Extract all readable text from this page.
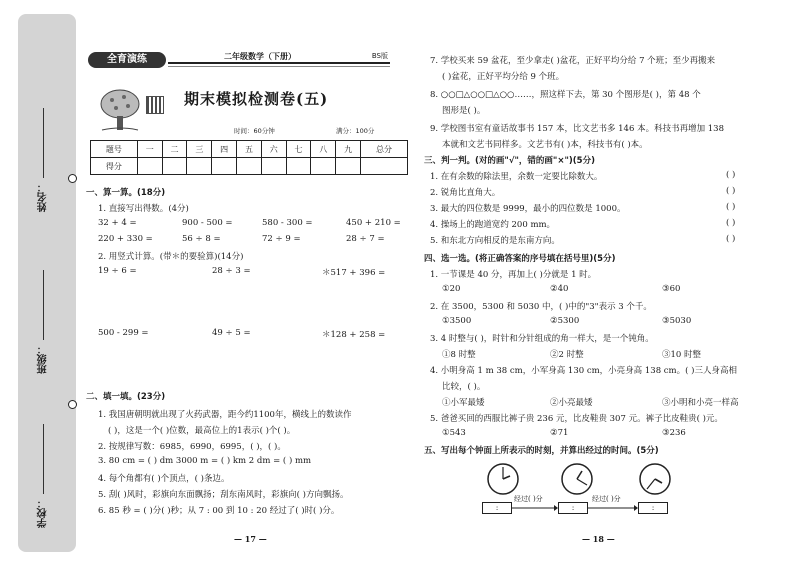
姓名：
班级：
学校：
全育演练	二年级数学（下册）	BS版
期末模拟检测卷(五)
时间：60分钟	满分：100分
题号	一	二	三	四	五	六	七	八	九	总分
得分										
一、算一算。(18分)
1. 直接写出得数。(4分)
32 + 4 =	900 - 500 =	580 - 300 =	450 + 210 =
220 + 330 =	56 ÷ 8 =	72 ÷ 9 =	28 ÷ 7 =
2. 用竖式计算。(带＊的要验算)(14分)
19 ÷ 6 =	28 ÷ 3 =	＊517 + 396 =
500 - 299 =	49 ÷ 5 =	＊128 + 258 =
二、填一填。(23分)
1. 我国唐朝明就出现了火药武器，距今约1100年，横线上的数读作
( )，这是一个( )位数，最高位上的1表示( )个( )。
2. 按规律写数：6985，6990，6995，( )，( )。
3. 80 cm = ( ) dm 3000 m = ( ) km 2 dm = ( ) mm
4. 每个角都有( )个顶点，( )条边。
5. 刮( )风时，彩旗向东面飘扬；刮东南风时，彩旗向( )方向飘扬。
6. 85 秒 = ( )分( )秒；从 7 : 00 到 10 : 20 经过了( )时( )分。
— 17 —
7. 学校买来 59 盆花，至少拿走( )盆花，正好平均分给 7 个班；至少再搬来
( )盆花，正好平均分给 9 个班。
8. ○○□△○○□△○○……，照这样下去，第 30 个图形是( )，第 48 个
图形是( )。
9. 学校图书室有童话故事书 157 本，比文艺书多 146 本。科技书再增加 138
本就和文艺书同样多。文艺书有( )本，科技书有( )本。
三、判一判。(对的画"√"，错的画"×")(5分)
1. 在有余数的除法里，余数一定要比除数大。	( )
2. 锐角比直角大。	( )
3. 最大的四位数是 9999，最小的四位数是 1000。	( )
4. 操场上的跑道宽约 200 mm。	( )
5. 和东北方向相反的是东南方向。	( )
四、选一选。(将正确答案的序号填在括号里)(5分)
1. 一节课是 40 分，再加上( )分就是 1 时。
①20	②40	③60
2. 在 3500，5300 和 5030 中，( )中的"3"表示 3 个千。
①3500	②5300	③5030
3. 4 时整与( )，时针和分针组成的角一样大，是一个钝角。
①8 时整	②2 时整	③10 时整
4. 小明身高 1 m 38 cm，小军身高 130 cm，小亮身高 138 cm。( )三人身高相
比较，( )。
①小军最矮	②小亮最矮	③小明和小亮一样高
5. 爸爸买回的西服比裤子贵 236 元，比皮鞋贵 307 元。裤子比皮鞋贵( )元。
①543	②71	③236
五、写出每个钟面上所表示的时刻，并算出经过的时间。(5分)
:	:	:
经过( )分	经过( )分
— 18 —
